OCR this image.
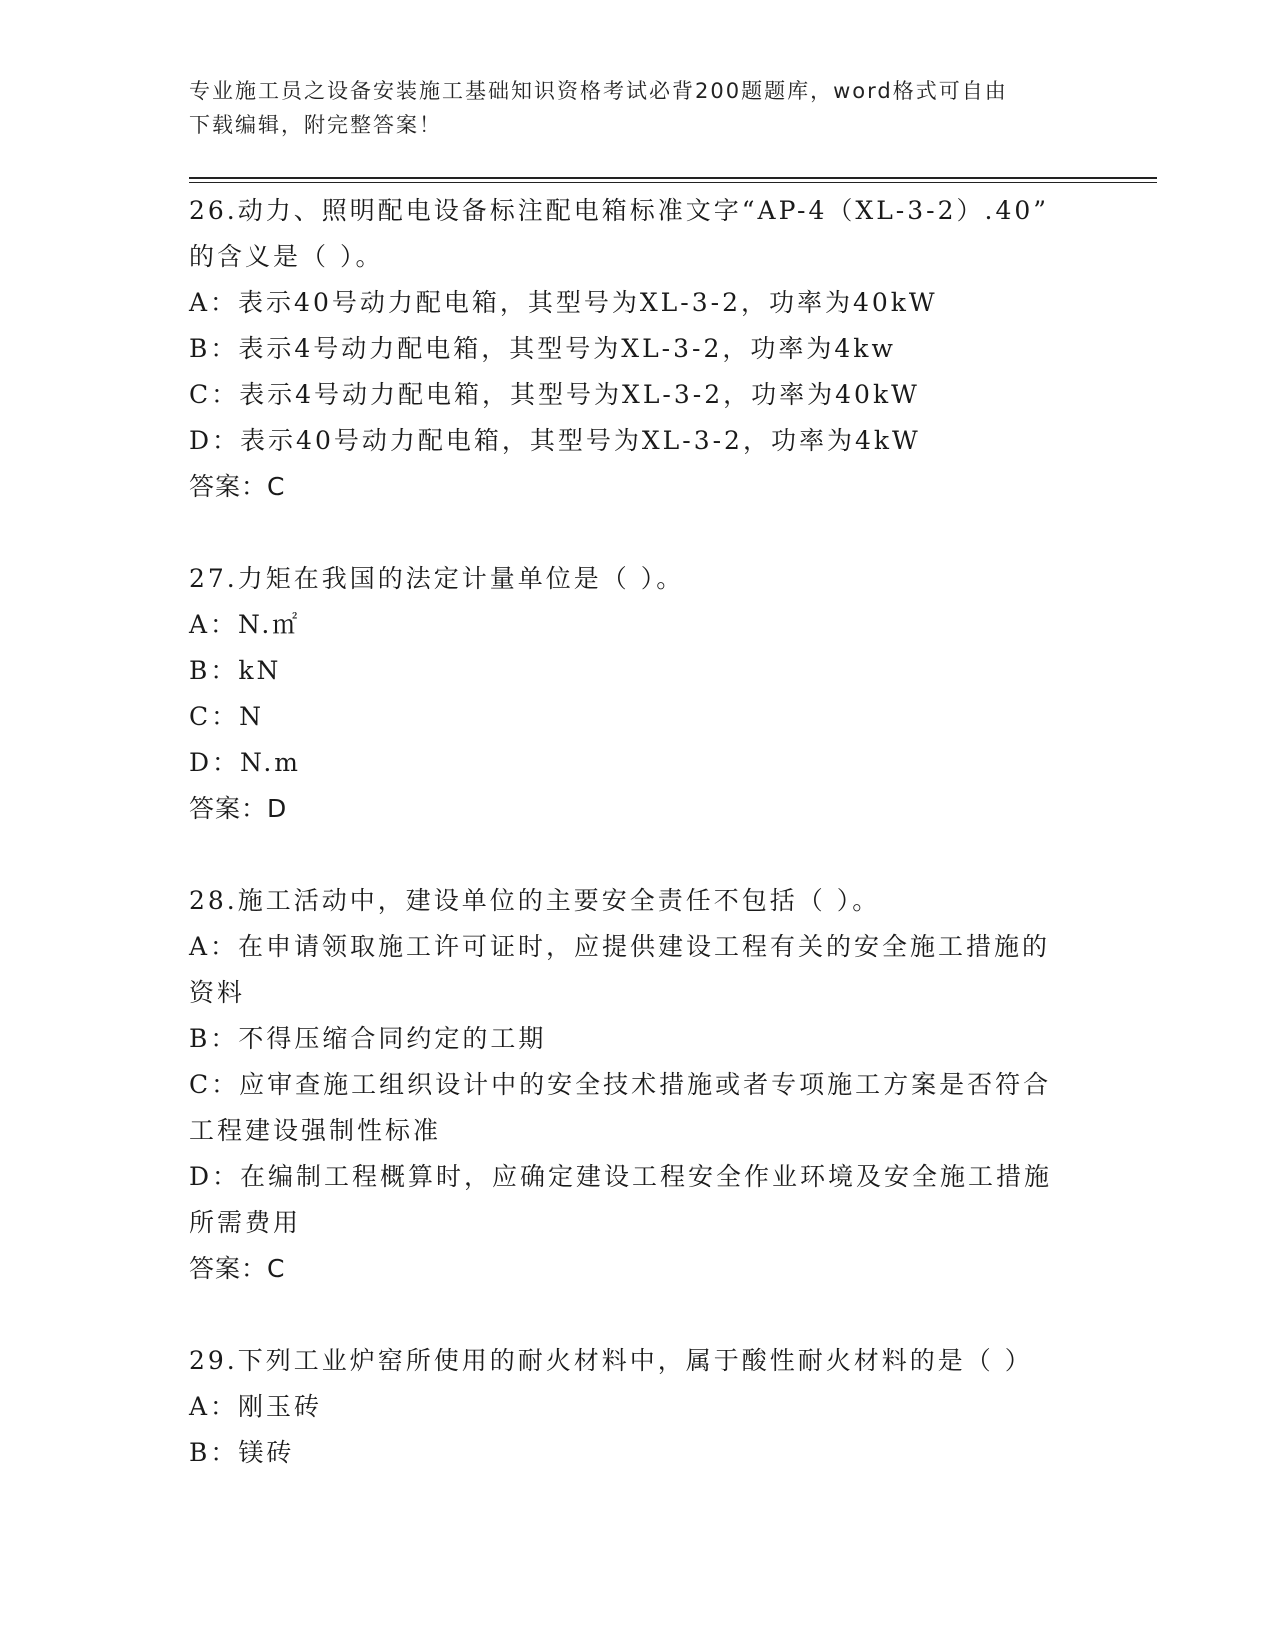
专业施工员之设备安装施工基础知识资格考试必背200题题库，word格式可自由
下载编辑，附完整答案！
26.动力、照明配电设备标注配电箱标准文字“AP-4（XL-3-2）.40”
的含义是（ ）。
A：表示40号动力配电箱，其型号为XL-3-2，功率为40kW
B：表示4号动力配电箱，其型号为XL-3-2，功率为4kw
C：表示4号动力配电箱，其型号为XL-3-2，功率为40kW
D：表示40号动力配电箱，其型号为XL-3-2，功率为4kW
答案：C
27.力矩在我国的法定计量单位是（ ）。
A：N.㎡
B：kN
C：N
D：N.m
答案：D
28.施工活动中，建设单位的主要安全责任不包括（ ）。
A：在申请领取施工许可证时，应提供建设工程有关的安全施工措施的
资料
B：不得压缩合同约定的工期
C：应审查施工组织设计中的安全技术措施或者专项施工方案是否符合
工程建设强制性标准
D：在编制工程概算时，应确定建设工程安全作业环境及安全施工措施
所需费用
答案：C
29.下列工业炉窑所使用的耐火材料中，属于酸性耐火材料的是（ ）
A：刚玉砖
B：镁砖
